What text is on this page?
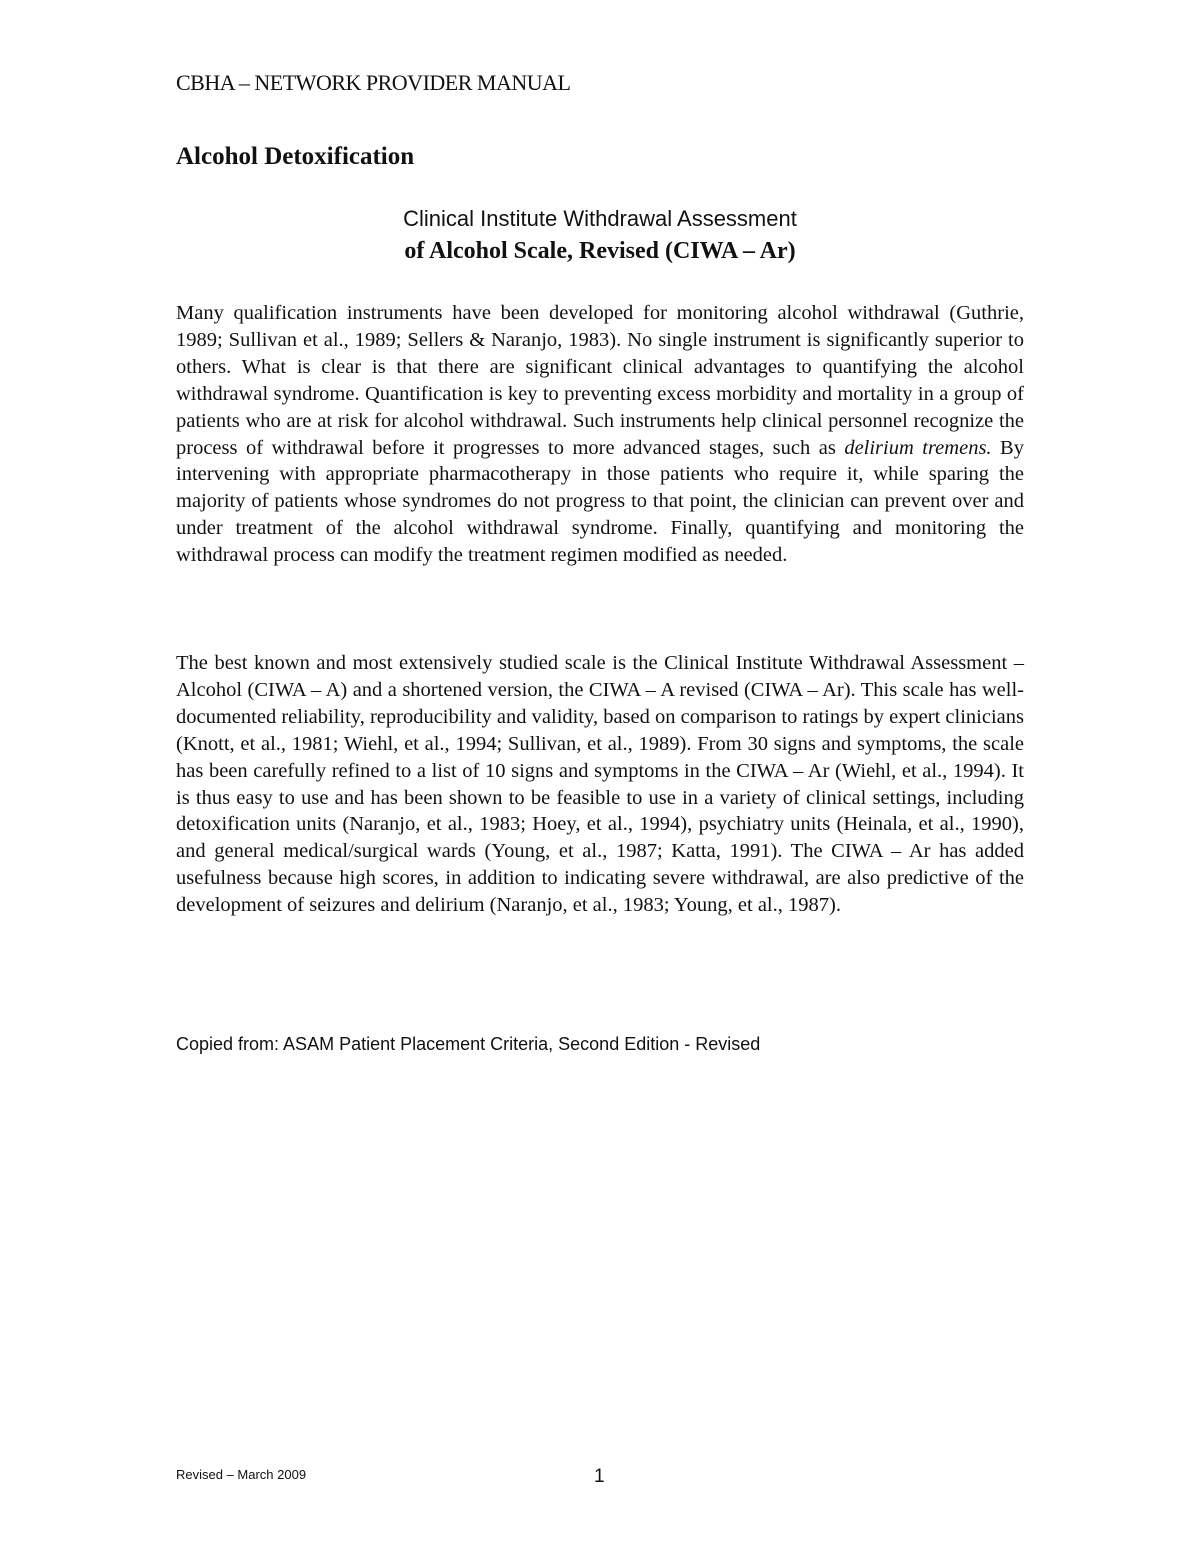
CBHA – NETWORK PROVIDER MANUAL
Alcohol Detoxification
Clinical Institute Withdrawal Assessment
of Alcohol Scale, Revised (CIWA – Ar)

Many qualification instruments have been developed for monitoring alcohol withdrawal (Guthrie, 1989; Sullivan et al., 1989; Sellers & Naranjo, 1983). No single instrument is significantly superior to others. What is clear is that there are significant clinical advantages to quantifying the alcohol withdrawal syndrome. Quantification is key to preventing excess morbidity and mortality in a group of patients who are at risk for alcohol withdrawal. Such instruments help clinical personnel recognize the process of withdrawal before it progresses to more advanced stages, such as delirium tremens. By intervening with appropriate pharmacotherapy in those patients who require it, while sparing the majority of patients whose syndromes do not progress to that point, the clinician can prevent over and under treatment of the alcohol withdrawal syndrome. Finally, quantifying and monitoring the withdrawal process can modify the treatment regimen modified as needed.

The best known and most extensively studied scale is the Clinical Institute Withdrawal Assessment – Alcohol (CIWA – A) and a shortened version, the CIWA – A revised (CIWA – Ar). This scale has well-documented reliability, reproducibility and validity, based on comparison to ratings by expert clinicians (Knott, et al., 1981; Wiehl, et al., 1994; Sullivan, et al., 1989). From 30 signs and symptoms, the scale has been carefully refined to a list of 10 signs and symptoms in the CIWA – Ar (Wiehl, et al., 1994). It is thus easy to use and has been shown to be feasible to use in a variety of clinical settings, including detoxification units (Naranjo, et al., 1983; Hoey, et al., 1994), psychiatry units (Heinala, et al., 1990), and general medical/surgical wards (Young, et al., 1987; Katta, 1991). The CIWA – Ar has added usefulness because high scores, in addition to indicating severe withdrawal, are also predictive of the development of seizures and delirium (Naranjo, et al., 1983; Young, et al., 1987).

Copied from: ASAM Patient Placement Criteria, Second Edition - Revised
Revised – March 2009	1
